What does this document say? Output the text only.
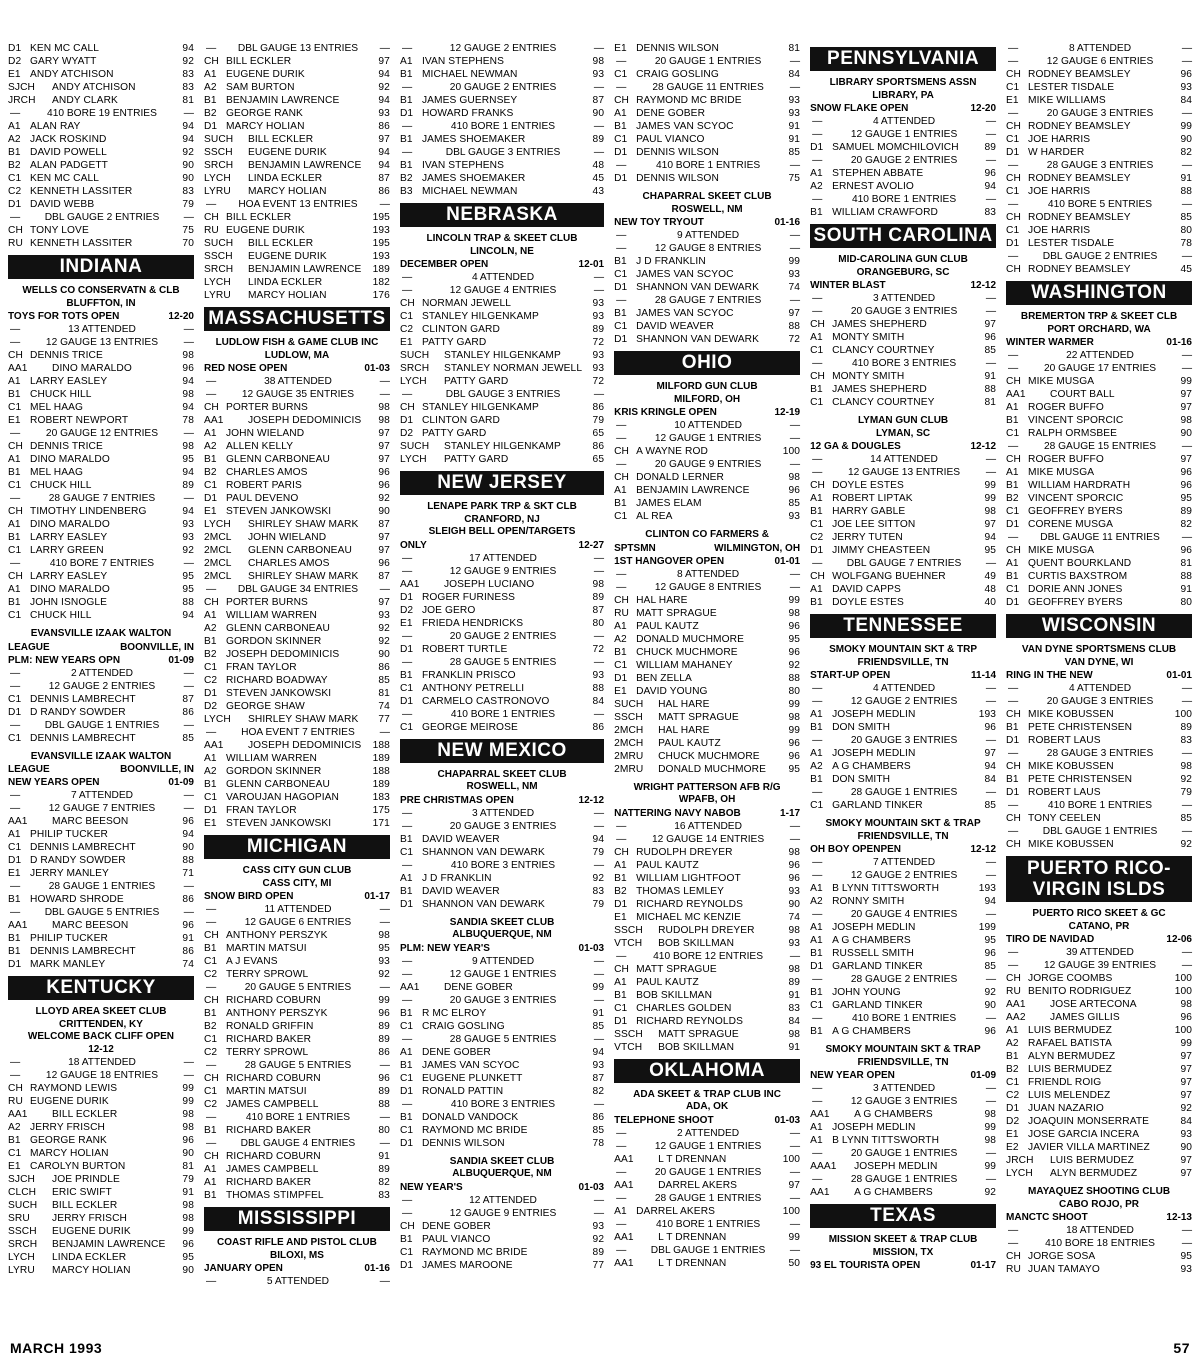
D1 KEN MC CALL	94
D2 GARY WYATT	92
E1 ANDY ATCHISON	83
SJCH	ANDY ATCHISON	83
JRCH	ANDY CLARK	81
—	410 BORE 19 ENTRIES	—
A1 ALAN RAY	94
A2 JACK ROSKIND	94
B1 DAVID POWELL	92
B2 ALAN PADGETT	90
C1 KEN MC CALL	90
C2 KENNETH LASSITER	83
D1 DAVID WEBB	79
—	DBL GAUGE 2 ENTRIES	—
CH TONY LOVE	75
RU KENNETH LASSITER	70
INDIANA
WELLS CO CONSERVATN & CLB
BLUFFTON, IN
TOYS FOR TOTS OPEN	12-20
—	13 ATTENDED	—
—	12 GAUGE 13 ENTRIES	—
CH DENNIS TRICE	98
AA1	DINO MARALDO	96
A1 LARRY EASLEY	94
B1 CHUCK HILL	98
C1 MEL HAAG	94
E1 ROBERT NEWPORT	78
—	20 GAUGE 12 ENTRIES	—
CH DENNIS TRICE	98
A1 DINO MARALDO	95
B1 MEL HAAG	94
C1 CHUCK HILL	89
—	28 GAUGE 7 ENTRIES	—
CH TIMOTHY LINDENBERG	94
A1 DINO MARALDO	93
B1 LARRY EASLEY	93
C1 LARRY GREEN	92
—	410 BORE 7 ENTRIES	—
CH LARRY EASLEY	95
A1 DINO MARALDO	95
B1 JOHN ISNOGLE	88
C1 CHUCK HILL	94
EVANSVILLE IZAAK WALTON
LEAGUE	BOONVILLE, IN
PLM: NEW YEARS OPN	01-09
—	2 ATTENDED	—
—	12 GAUGE 2 ENTRIES	—
C1 DENNIS LAMBRECHT	87
D1 D RANDY SOWDER	86
—	DBL GAUGE 1 ENTRIES	—
C1 DENNIS LAMBRECHT	85
EVANSVILLE IZAAK WALTON
LEAGUE	BOONVILLE, IN
NEW YEARS OPEN	01-09
—	7 ATTENDED	—
—	12 GAUGE 7 ENTRIES	—
AA1	MARC BEESON	96
A1 PHILIP TUCKER	94
C1 DENNIS LAMBRECHT	90
D1 D RANDY SOWDER	88
E1 JERRY MANLEY	71
—	28 GAUGE 1 ENTRIES	—
B1 HOWARD SHRODE	86
—	DBL GAUGE 5 ENTRIES	—
AA1	MARC BEESON	96
B1 PHILIP TUCKER	91
B1 DENNIS LAMBRECHT	86
D1 MARK MANLEY	74
KENTUCKY
LLOYD AREA SKEET CLUB
CRITTENDEN, KY
WELCOME BACK CLIFF OPEN
12-12
—	18 ATTENDED	—
—	12 GAUGE 18 ENTRIES	—
CH RAYMOND LEWIS	99
RU EUGENE DURIK	99
AA1	BILL ECKLER	98
A2 JERRY FRISCH	98
B1 GEORGE RANK	96
C1 MARCY HOLIAN	90
E1 CAROLYN BURTON	81
SJCH	JOE PRINDLE	79
CLCH	ERIC SWIFT	91
SUCH	BILL ECKLER	98
SRU	JERRY FRISCH	98
SSCH	EUGENE DURIK	99
SRCH	BENJAMIN LAWRENCE	96
LYCH	LINDA ECKLER	95
LYRU	MARCY HOLIAN	90
—	DBL GAUGE 13 ENTRIES	—
CH BILL ECKLER	97
A1 EUGENE DURIK	94
A2 SAM BURTON	92
B1 BENJAMIN LAWRENCE	94
B2 GEORGE RANK	93
D1 MARCY HOLIAN	86
SUCH	BILL ECKLER	97
SSCH	EUGENE DURIK	94
SRCH	BENJAMIN LAWRENCE	94
LYCH	LINDA ECKLER	87
LYRU	MARCY HOLIAN	86
—	HOA EVENT 13 ENTRIES	—
CH BILL ECKLER	195
RU EUGENE DURIK	193
SUCH	BILL ECKLER	195
SSCH	EUGENE DURIK	193
SRCH	BENJAMIN LAWRENCE	189
LYCH	LINDA ECKLER	182
LYRU	MARCY HOLIAN	176
MASSACHUSETTS
LUDLOW FISH & GAME CLUB INC
LUDLOW, MA
RED NOSE OPEN	01-03
—	38 ATTENDED	—
—	12 GAUGE 35 ENTRIES	—
CH PORTER BURNS	98
AA1	JOSEPH DEDOMINICIS	98
A1 JOHN WIELAND	97
A2 ALLEN KELLY	97
B1 GLENN CARBONEAU	97
B2 CHARLES AMOS	96
C1 ROBERT PARIS	96
D1 PAUL DEVENO	92
E1 STEVEN JANKOWSKI	90
LYCH	SHIRLEY SHAW MARK	87
2MCL	JOHN WIELAND	97
2MCL	GLENN CARBONEAU	97
2MCL	CHARLES AMOS	96
2MCL	SHIRLEY SHAW MARK	87
—	DBL GAUGE 34 ENTRIES	—
CH PORTER BURNS	97
A1 WILLIAM WARREN	93
A2 GLENN CARBONEAU	92
B1 GORDON SKINNER	92
B2 JOSEPH DEDOMINICIS	90
C1 FRAN TAYLOR	86
C2 RICHARD BOADWAY	85
D1 STEVEN JANKOWSKI	81
D2 GEORGE SHAW	74
LYCH	SHIRLEY SHAW MARK	77
—	HOA EVENT 7 ENTRIES	—
AA1	JOSEPH DEDOMINICIS	188
A1 WILLIAM WARREN	189
A2 GORDON SKINNER	188
B1 GLENN CARBONEAU	189
C1 VAROUJAN HAGOPIAN	183
D1 FRAN TAYLOR	175
E1 STEVEN JANKOWSKI	171
MICHIGAN
CASS CITY GUN CLUB
CASS CITY, MI
SNOW BIRD OPEN	01-17
—	11 ATTENDED	—
—	12 GAUGE 6 ENTRIES	—
CH ANTHONY PERSZYK	98
B1 MARTIN MATSUI	95
C1 A J EVANS	93
C2 TERRY SPROWL	92
—	20 GAUGE 5 ENTRIES	—
CH RICHARD COBURN	99
B1 ANTHONY PERSZYK	96
B2 RONALD GRIFFIN	89
C1 RICHARD BAKER	89
C2 TERRY SPROWL	86
—	28 GAUGE 5 ENTRIES	—
CH RICHARD COBURN	96
C1 MARTIN MATSUI	89
C2 JAMES CAMPBELL	88
—	410 BORE 1 ENTRIES	—
B1 RICHARD BAKER	80
—	DBL GAUGE 4 ENTRIES	—
CH RICHARD COBURN	91
A1 JAMES CAMPBELL	89
A1 RICHARD BAKER	82
B1 THOMAS STIMPFEL	83
MISSISSIPPI
COAST RIFLE AND PISTOL CLUB
BILOXI, MS
JANUARY OPEN	01-16
—	5 ATTENDED	—
—	12 GAUGE 2 ENTRIES	—
A1 IVAN STEPHENS	98
B1 MICHAEL NEWMAN	93
—	20 GAUGE 2 ENTRIES	—
B1 JAMES GUERNSEY	87
D1 HOWARD FRANKS	90
—	410 BORE 1 ENTRIES	—
B1 JAMES SHOEMAKER	89
—	DBL GAUGE 3 ENTRIES	—
B1 IVAN STEPHENS	48
B2 JAMES SHOEMAKER	45
B3 MICHAEL NEWMAN	43
NEBRASKA
LINCOLN TRAP & SKEET CLUB
LINCOLN, NE
DECEMBER OPEN	12-01
—	4 ATTENDED	—
—	12 GAUGE 4 ENTRIES	—
CH NORMAN JEWELL	93
C1 STANLEY HILGENKAMP	93
C2 CLINTON GARD	89
E1 PATTY GARD	72
SUCH	STANLEY HILGENKAMP	93
SRCH	STANLEY NORMAN JEWELL	93
LYCH	PATTY GARD	72
—	DBL GAUGE 3 ENTRIES	—
CH STANLEY HILGENKAMP	86
D1 CLINTON GARD	79
D2 PATTY GARD	65
SUCH	STANLEY HILGENKAMP	86
LYCH	PATTY GARD	65
NEW JERSEY
LENAPE PARK TRP & SKT CLB
CRANFORD, NJ
SLEIGH BELL OPEN/TARGETS
ONLY	12-27
—	17 ATTENDED	—
—	12 GAUGE 9 ENTRIES	—
AA1	JOSEPH LUCIANO	98
D1 ROGER FURINESS	89
D2 JOE GERO	87
E1 FRIEDA HENDRICKS	80
—	20 GAUGE 2 ENTRIES	—
D1 ROBERT TURTLE	72
—	28 GAUGE 5 ENTRIES	—
B1 FRANKLIN PRISCO	93
C1 ANTHONY PETRELLI	88
D1 CARMELO CASTRONOVO	84
—	410 BORE 1 ENTRIES	—
C1 GEORGE MEIROSE	86
NEW MEXICO
CHAPARRAL SKEET CLUB
ROSWELL, NM
PRE CHRISTMAS OPEN	12-12
—	3 ATTENDED	—
—	20 GAUGE 3 ENTRIES	—
B1 DAVID WEAVER	94
C1 SHANNON VAN DEWARK	79
—	410 BORE 3 ENTRIES	—
A1 J D FRANKLIN	92
B1 DAVID WEAVER	83
D1 SHANNON VAN DEWARK	79
SANDIA SKEET CLUB
ALBUQUERQUE, NM
PLM: NEW YEAR'S	01-03
—	9 ATTENDED	—
—	12 GAUGE 1 ENTRIES	—
AA1	DENE GOBER	99
—	20 GAUGE 3 ENTRIES	—
B1 R MC ELROY	91
C1 CRAIG GOSLING	85
—	28 GAUGE 5 ENTRIES	—
A1 DENE GOBER	94
B1 JAMES VAN SCYOC	93
C1 EUGENE PLUNKETT	87
D1 RONALD PATTIN	82
—	410 BORE 3 ENTRIES	—
B1 DONALD VANDOCK	86
C1 RAYMOND MC BRIDE	85
D1 DENNIS WILSON	78
SANDIA SKEET CLUB
ALBUQUERQUE, NM
NEW YEAR'S	01-03
—	12 ATTENDED	—
—	12 GAUGE 9 ENTRIES	—
CH DENE GOBER	93
B1 PAUL VIANCO	92
C1 RAYMOND MC BRIDE	89
D1 JAMES MAROONE	77
E1 DENNIS WILSON	81
—	20 GAUGE 1 ENTRIES	—
C1 CRAIG GOSLING	84
—	28 GAUGE 11 ENTRIES	—
CH RAYMOND MC BRIDE	93
A1 DENE GOBER	93
B1 JAMES VAN SCYOC	91
C1 PAUL VIANCO	91
D1 DENNIS WILSON	85
—	410 BORE 1 ENTRIES	—
D1 DENNIS WILSON	75
CHAPARRAL SKEET CLUB
ROSWELL, NM
NEW TOY TRYOUT	01-16
—	9 ATTENDED	—
—	12 GAUGE 8 ENTRIES	—
B1 J D FRANKLIN	99
C1 JAMES VAN SCYOC	93
D1 SHANNON VAN DEWARK	74
—	28 GAUGE 7 ENTRIES	—
B1 JAMES VAN SCYOC	97
C1 DAVID WEAVER	88
D1 SHANNON VAN DEWARK	72
OHIO
MILFORD GUN CLUB
MILFORD, OH
KRIS KRINGLE OPEN	12-19
—	10 ATTENDED	—
—	12 GAUGE 1 ENTRIES	—
CH A WAYNE ROD	100
—	20 GAUGE 9 ENTRIES	—
CH DONALD LERNER	98
A1 BENJAMIN LAWRENCE	96
B1 JAMES ELAM	85
C1 AL REA	93
CLINTON CO FARMERS &
SPTSMN	WILMINGTON, OH
1ST HANGOVER OPEN	01-01
—	8 ATTENDED	—
—	12 GAUGE 8 ENTRIES	—
CH HAL HARE	99
RU MATT SPRAGUE	98
A1 PAUL KAUTZ	96
A2 DONALD MUCHMORE	95
B1 CHUCK MUCHMORE	96
C1 WILLIAM MAHANEY	92
D1 BEN ZELLA	88
E1 DAVID YOUNG	80
SUCH	HAL HARE	99
SSCH	MATT SPRAGUE	98
2MCH	HAL HARE	99
2MCH	PAUL KAUTZ	96
2MRU	CHUCK MUCHMORE	96
2MRU	DONALD MUCHMORE	95
WRIGHT PATTERSON AFB R/G
WPAFB, OH
NATTERING NAVY NABOB	1-17
—	16 ATTENDED	—
—	12 GAUGE 14 ENTRIES	—
CH RUDOLPH DREYER	98
A1 PAUL KAUTZ	96
B1 WILLIAM LIGHTFOOT	96
B2 THOMAS LEMLEY	93
D1 RICHARD REYNOLDS	90
E1 MICHAEL MC KENZIE	74
SSCH	RUDOLPH DREYER	98
VTCH	BOB SKILLMAN	93
—	410 BORE 12 ENTRIES	—
CH MATT SPRAGUE	98
A1 PAUL KAUTZ	89
B1 BOB SKILLMAN	91
C1 CHARLES GOLDEN	83
D1 RICHARD REYNOLDS	84
SSCH	MATT SPRAGUE	98
VTCH	BOB SKILLMAN	91
OKLAHOMA
ADA SKEET & TRAP CLUB INC
ADA, OK
TELEPHONE SHOOT	01-03
—	2 ATTENDED	—
—	12 GAUGE 1 ENTRIES	—
AA1	L T DRENNAN	100
—	20 GAUGE 1 ENTRIES	—
AA1	DARREL AKERS	97
—	28 GAUGE 1 ENTRIES	—
A1 DARREL AKERS	100
—	410 BORE 1 ENTRIES	—
AA1	L T DRENNAN	99
—	DBL GAUGE 1 ENTRIES	—
AA1	L T DRENNAN	50
PENNSYLVANIA
LIBRARY SPORTSMENS ASSN
LIBRARY, PA
SNOW FLAKE OPEN	12-20
—	4 ATTENDED	—
—	12 GAUGE 1 ENTRIES	—
D1 SAMUEL MOMCHILOVICH	89
—	20 GAUGE 2 ENTRIES	—
A1 STEPHEN ABBATE	96
A2 ERNEST AVOLIO	94
—	410 BORE 1 ENTRIES	—
B1 WILLIAM CRAWFORD	83
SOUTH CAROLINA
MID-CAROLINA GUN CLUB
ORANGEBURG, SC
WINTER BLAST	12-12
—	3 ATTENDED	—
—	20 GAUGE 3 ENTRIES	—
CH JAMES SHEPHERD	97
A1 MONTY SMITH	96
C1 CLANCY COURTNEY	85
—	410 BORE 3 ENTRIES	—
CH MONTY SMITH	91
B1 JAMES SHEPHERD	88
C1 CLANCY COURTNEY	81
LYMAN GUN CLUB
LYMAN, SC
12 GA & DOUGLES	12-12
—	14 ATTENDED	—
—	12 GAUGE 13 ENTRIES	—
CH DOYLE ESTES	99
A1 ROBERT LIPTAK	99
B1 HARRY GABLE	98
C1 JOE LEE SITTON	97
C2 JERRY TUTEN	94
D1 JIMMY CHEASTEEN	95
—	DBL GAUGE 7 ENTRIES	—
CH WOLFGANG BUEHNER	49
A1 DAVID CAPPS	48
B1 DOYLE ESTES	40
TENNESSEE
SMOKY MOUNTAIN SKT & TRP
FRIENDSVILLE, TN
START-UP OPEN	11-14
—	4 ATTENDED	—
—	12 GAUGE 2 ENTRIES	—
A1 JOSEPH MEDLIN	193
B1 DON SMITH	96
—	20 GAUGE 3 ENTRIES	—
A1 JOSEPH MEDLIN	97
A2 A G CHAMBERS	94
B1 DON SMITH	84
—	28 GAUGE 1 ENTRIES	—
C1 GARLAND TINKER	85
SMOKY MOUNTAIN SKT & TRAP
FRIENDSVILLE, TN
OH BOY OPENPEN	12-12
—	7 ATTENDED	—
—	12 GAUGE 2 ENTRIES	—
A1 B LYNN TITTSWORTH	193
A2 RONNY SMITH	94
—	20 GAUGE 4 ENTRIES	—
A1 JOSEPH MEDLIN	199
A1 A G CHAMBERS	95
B1 RUSSELL SMITH	96
D1 GARLAND TINKER	85
—	28 GAUGE 2 ENTRIES	—
B1 JOHN YOUNG	92
C1 GARLAND TINKER	90
—	410 BORE 1 ENTRIES	—
B1 A G CHAMBERS	96
SMOKY MOUNTAIN SKT & TRAP
FRIENDSVILLE, TN
NEW YEAR OPEN	01-09
—	3 ATTENDED	—
—	12 GAUGE 3 ENTRIES	—
AA1	A G CHAMBERS	98
A1 JOSEPH MEDLIN	99
A1 B LYNN TITTSWORTH	98
—	20 GAUGE 1 ENTRIES	—
AAA1	JOSEPH MEDLIN	99
—	28 GAUGE 1 ENTRIES	—
AA1	A G CHAMBERS	92
TEXAS
MISSION SKEET & TRAP CLUB
MISSION, TX
93 EL TOURISTA OPEN	01-17
—	8 ATTENDED	—
—	12 GAUGE 6 ENTRIES	—
CH RODNEY BEAMSLEY	96
C1 LESTER TISDALE	93
E1 MIKE WILLIAMS	84
—	20 GAUGE 3 ENTRIES	—
CH RODNEY BEAMSLEY	99
C1 JOE HARRIS	90
D1 W HARDER	82
—	28 GAUGE 3 ENTRIES	—
CH RODNEY BEAMSLEY	91
C1 JOE HARRIS	88
—	410 BORE 5 ENTRIES	—
CH RODNEY BEAMSLEY	85
C1 JOE HARRIS	80
D1 LESTER TISDALE	78
—	DBL GAUGE 2 ENTRIES	—
CH RODNEY BEAMSLEY	45
WASHINGTON
BREMERTON TRP & SKEET CLB
PORT ORCHARD, WA
WINTER WARMER	01-16
—	22 ATTENDED	—
—	20 GAUGE 17 ENTRIES	—
CH MIKE MUSGA	99
AA1	COURT BALL	97
A1 ROGER BUFFO	97
B1 VINCENT SPORCIC	98
C1 RALPH ORMSBEE	90
—	28 GAUGE 15 ENTRIES	—
CH ROGER BUFFO	97
A1 MIKE MUSGA	96
B1 WILLIAM HARDRATH	96
B2 VINCENT SPORCIC	95
C1 GEOFFREY BYERS	89
D1 CORENE MUSGA	82
—	DBL GAUGE 11 ENTRIES	—
CH MIKE MUSGA	96
A1 QUENT BOURKLAND	81
B1 CURTIS BAXSTROM	88
C1 DORIE ANN JONES	91
D1 GEOFFREY BYERS	80
WISCONSIN
VAN DYNE SPORTSMENS CLUB
VAN DYNE, WI
RING IN THE NEW	01-01
—	4 ATTENDED	—
—	20 GAUGE 3 ENTRIES	—
CH MIKE KOBUSSEN	100
B1 PETE CHRISTENSEN	89
D1 ROBERT LAUS	83
—	28 GAUGE 3 ENTRIES	—
CH MIKE KOBUSSEN	98
B1 PETE CHRISTENSEN	92
D1 ROBERT LAUS	79
—	410 BORE 1 ENTRIES	—
CH TONY CEELEN	85
—	DBL GAUGE 1 ENTRIES	—
CH MIKE KOBUSSEN	92
PUERTO RICO-
VIRGIN ISLDS
PUERTO RICO SKEET & GC
CATANO, PR
TIRO DE NAVIDAD	12-06
—	39 ATTENDED	—
—	12 GAUGE 39 ENTRIES	—
CH JORGE COOMBS	100
RU BENITO RODRIGUEZ	100
AA1	JOSE ARTECONA	98
AA2	JAMES GILLIS	96
A1 LUIS BERMUDEZ	100
A2 RAFAEL BATISTA	99
B1 ALYN BERMUDEZ	97
B2 LUIS BERMUDEZ	97
C1 FRIENDL ROIG	97
C2 LUIS MELENDEZ	97
D1 JUAN NAZARIO	92
D2 JOAQUIN MONSERRATE	84
E1 JOSE GARCIA INCERA	93
E2 JAVIER VILLA MARTINEZ	90
JRCH	LUIS BERMUDEZ	97
LYCH	ALYN BERMUDEZ	97
MAYAQUEZ SHOOTING CLUB
CABO ROJO, PR
MANCTC SHOOT	12-13
—	18 ATTENDED	—
—	410 BORE 18 ENTRIES	—
CH JORGE SOSA	95
RU JUAN TAMAYO	93
MARCH 1993	57
